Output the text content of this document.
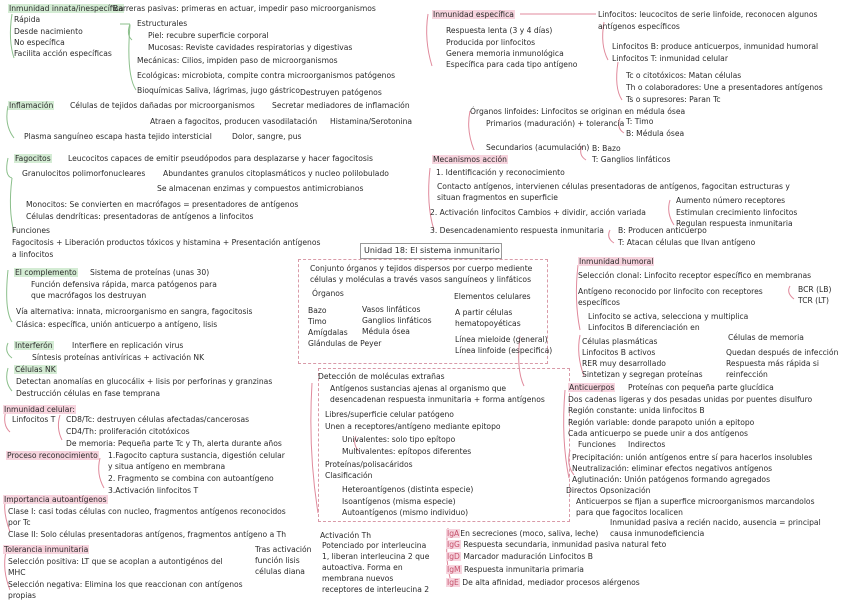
Unidad 18: El sistema inmunitario
Inmunidad innata/inespecífica
Rápida
Desde nacimiento
No específica
Facilita acción específicas
Barreras pasivas: primeras en actuar, impedir paso microorganismos
Estructurales
Piel: recubre superficie corporal
Mucosas: Reviste cavidades respiratorias y digestivas
Mecánicas: Cilios, impiden paso de microorganismos
Ecológicas: microbiota, compite contra microorganismos patógenos
Bioquímicas Saliva, lágrimas, jugo gástrico Destruyen patógenos
Inflamación Células de tejidos dañadas por microorganismos Secretar mediadores de inflamación
Atraen a fagocitos, producen vasodilatación Histamina/Serotonina
Plasma sanguíneo escapa hasta tejido intersticial	Dolor, sangre, pus
Fagocitos Leucocitos capaces de emitir pseudópodos para desplazarse y hacer fagocitosis
Granulocitos polimorfonucleares Abundantes granulos citoplasmáticos y nucleo polilobulado
Se almacenan enzimas y compuestos antimicrobianos
Monocitos: Se convierten en macrófagos = presentadores de antígenos
Células dendríticas: presentadoras de antígenos a linfocitos
Funciones
Fagocitosis + Liberación productos tóxicos y histamina + Presentación antígenos
a linfocitos
El complemento Sistema de proteínas (unas 30)
Función defensiva rápida, marca patógenos para
que macrófagos los destruyan
Vía alternativa: innata, microorganismo en sangra, fagocitosis
Clásica: específica, unión anticuerpo a antígeno, lisis
Interferón	Interfiere en replicación virus
Síntesis proteínas antivíricas + activación NK
Células NK
Detectan anomalías en glucocálix + lisis por perforinas y granzinas
Destrucción células en fase temprana
Inmunidad celular:
Linfocitos T CD8/Tc: destruyen células afectadas/cancerosas
CD4/Th: proliferación citotóxicos
De memoria: Pequeña parte Tc y Th, alerta durante años
Proceso reconocimiento 1.Fagocito captura sustancia, digestión celular
y situa antígeno en membrana
2. Fragmento se combina con autoantígeno
3.Activación linfocitos T
Importancia autoantígenos
Clase I: casi todas células con nucleo, fragmentos antígenos reconocidos
por Tc
Clase II: Solo células presentadoras antígenos, fragmentos antígeno a Th
Tolerancia inmunitaria
Selección positiva: LT que se acoplan a autontigénos del
MHC
Selección negativa: Elimina los que reaccionan con antígenos
propias
Tras activación
función lisis
células diana
Activación Th
Potenciado por interleucina
1, liberan interleucina 2 que
autoactiva. Forma en
membrana nuevos
receptores de interleucina 2
Conjunto órganos y tejidos dispersos por cuerpo mediente
células y moléculas a través vasos sanguíneos y linfáticos
Órganos
Bazo
Timo
Amígdalas
Glándulas de Peyer
Vasos linfáticos
Ganglios linfáticos
Médula ósea
Elementos celulares
A partir células
hematopoyéticas
Línea mieloide (general)
Línea linfoide (especifica)
Detección de moléculas extrañas
Antígenos sustancias ajenas al organismo que
desencadenan respuesta inmunitaria + forma antígenos
Libres/superficie celular patógeno
Unen a receptores/antígeno mediante epitopo
Univalentes: solo tipo epítopo
Multivalentes: epítopos diferentes
Proteínas/polisacáridos
Clasificación
Heteroantígenos (distinta especie)
Isoantígenos (misma especie)
Autoantígenos (mismo individuo)
Inmunidad específica
Respuesta lenta (3 y 4 días)
Producida por linfocitos
Genera memoria inmunológica
Específica para cada tipo antígeno
Linfocitos: leucocitos de serie linfoide, reconocen algunos
antígenos específicos
Linfocitos B: produce anticuerpos, inmunidad humoral
Linfocitos T: inmunidad celular
Tc o citotóxicos: Matan células
Th o colaboradores: Une a presentadores antígenos
Ts o supresores: Paran Tc
Órganos linfoides: Linfocitos se originan en médula ósea
Primarios (maduración) + tolerancia T: Timo
B: Médula ósea
Secundarios (acumulación) B: Bazo
T: Ganglios linfáticos
Mecanismos acción
1. Identificación y reconocimiento
Contacto antígenos, intervienen células presentadoras de antígenos, fagocitan estructuras y
situan fragmentos en superficie
2. Activación linfocitos Cambios + dividir, acción variada
Aumento número receptores
Estimulan crecimiento linfocitos
Regulan respuesta inmunitaria
3. Desencadenamiento respuesta inmunitaria B: Producen anticuerpo
T: Atacan células que llvan antígeno
Inmunidad humoral
Selección clonal: Linfocito receptor específico en membranas
Antígeno reconocido por linfocito con receptores
específicos
BCR (LB)
TCR (LT)
Linfocito se activa, selecciona y multiplica
Linfocitos B diferenciación en
Células plasmáticas
Linfocitos B activos
RER muy desarrollado
Sintetizan y segregan proteínas
Células de memoria
Quedan después de infección
Respuesta más rápida si
reinfección
Anticuerpos Proteínas con pequeña parte glucídica
Dos cadenas ligeras y dos pesadas unidas por puentes disulfuro
Región constante: unida linfocitos B
Región variable: donde parapoto unión a epitopo
Cada anticuerpo se puede unir a dos antígenos
Funciones Indirectos
Precipitación: unión antígenos entre sí para hacerlos insolubles
Neutralización: eliminar efectos negativos antígenos
Aglutinación: Unión patógenos formando agregados
Directos Opsonización
Anticuerpos se fijan a superfice microorganismos marcandolos
para que fagocitos localicen
Inmunidad pasiva a recién nacido, ausencia = principal
causa inmunodeficiencia
IgAEn secreciones (moco, saliva, leche)
IgG Respuesta secundaria, inmunidad pasiva natural feto
IgD Marcador maduración Linfocitos B
IgM Respuesta inmunitaria primaria
IgE De alta afinidad, mediador procesos alérgenos
